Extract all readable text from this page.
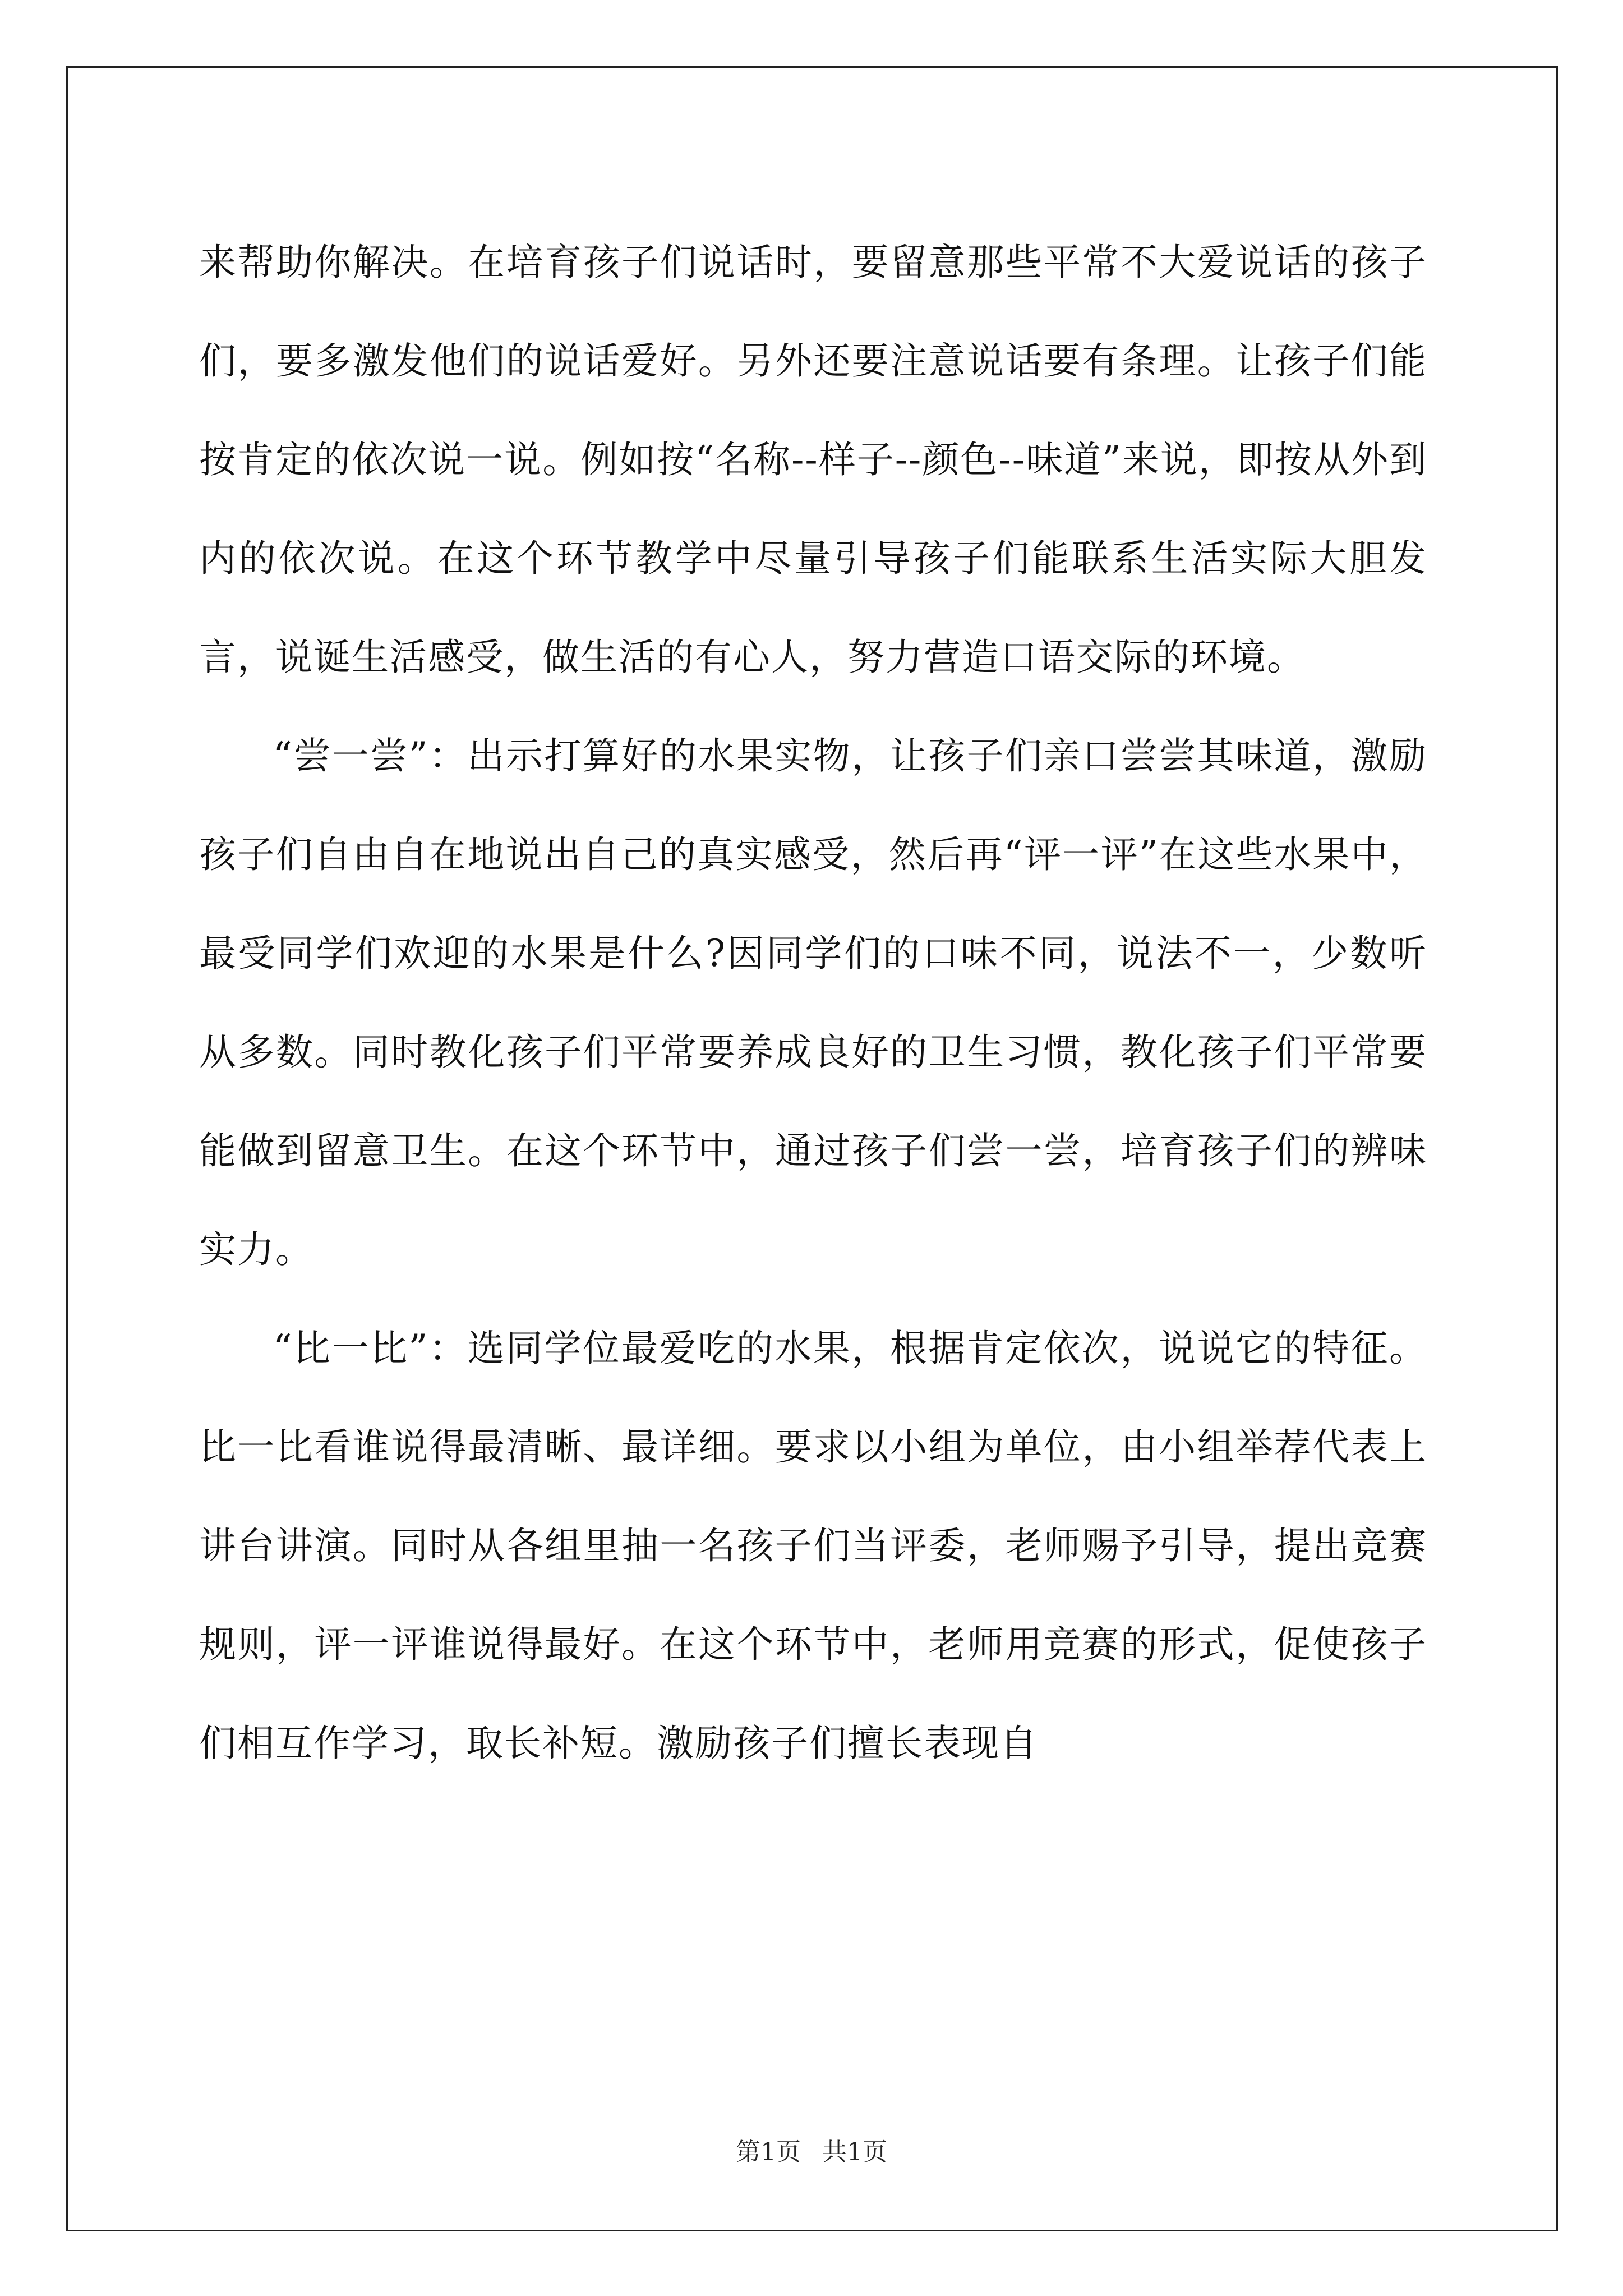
来帮助你解决。在培育孩子们说话时，要留意那些平常不大爱说话的孩子们，要多激发他们的说话爱好。另外还要注意说话要有条理。让孩子们能按肯定的依次说一说。例如按“名称--样子--颜色--味道”来说，即按从外到内的依次说。在这个环节教学中尽量引导孩子们能联系生活实际大胆发言，说诞生活感受，做生活的有心人，努力营造口语交际的环境。

“尝一尝”：出示打算好的水果实物，让孩子们亲口尝尝其味道，激励孩子们自由自在地说出自己的真实感受，然后再“评一评”在这些水果中，最受同学们欢迎的水果是什么?因同学们的口味不同，说法不一，少数听从多数。同时教化孩子们平常要养成良好的卫生习惯，教化孩子们平常要能做到留意卫生。在这个环节中，通过孩子们尝一尝，培育孩子们的辨味实力。

“比一比”：选同学位最爱吃的水果，根据肯定依次，说说它的特征。比一比看谁说得最清晰、最详细。要求以小组为单位，由小组举荐代表上讲台讲演。同时从各组里抽一名孩子们当评委，老师赐予引导，提出竞赛规则，评一评谁说得最好。在这个环节中，老师用竞赛的形式，促使孩子们相互作学习，取长补短。激励孩子们擅长表现自

第1页 共1页
